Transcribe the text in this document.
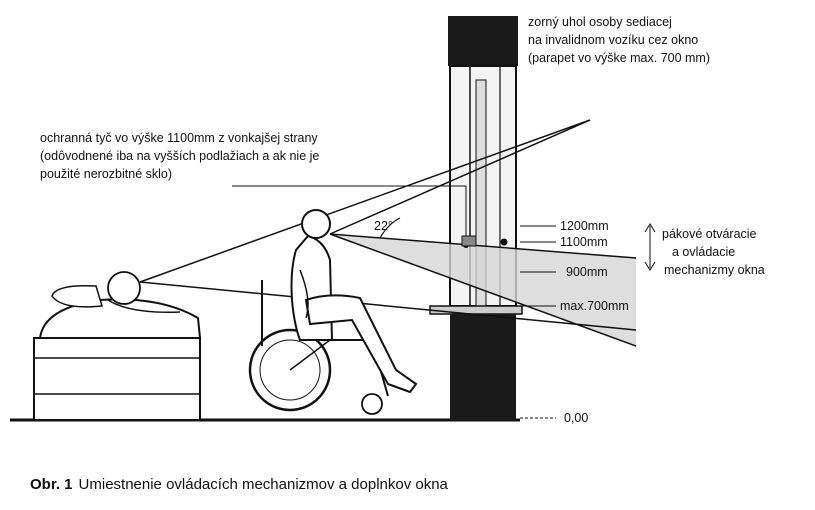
22°
zorný uhol osoby sediacej
na invalidnom vozíku cez okno
(parapet vo výške max. 700 mm)
ochranná tyč vo výške 1100mm z vonkajšej strany
(odôvodnené iba na vyšších podlažiach a ak nie je
použité nerozbitné sklo)
1200mm
1100mm
900mm
max.700mm
0,00
pákové otváracie
a ovládacie
mechanizmy okna
Obr. 1 Umiestnenie ovládacích mechanizmov a doplnkov okna
